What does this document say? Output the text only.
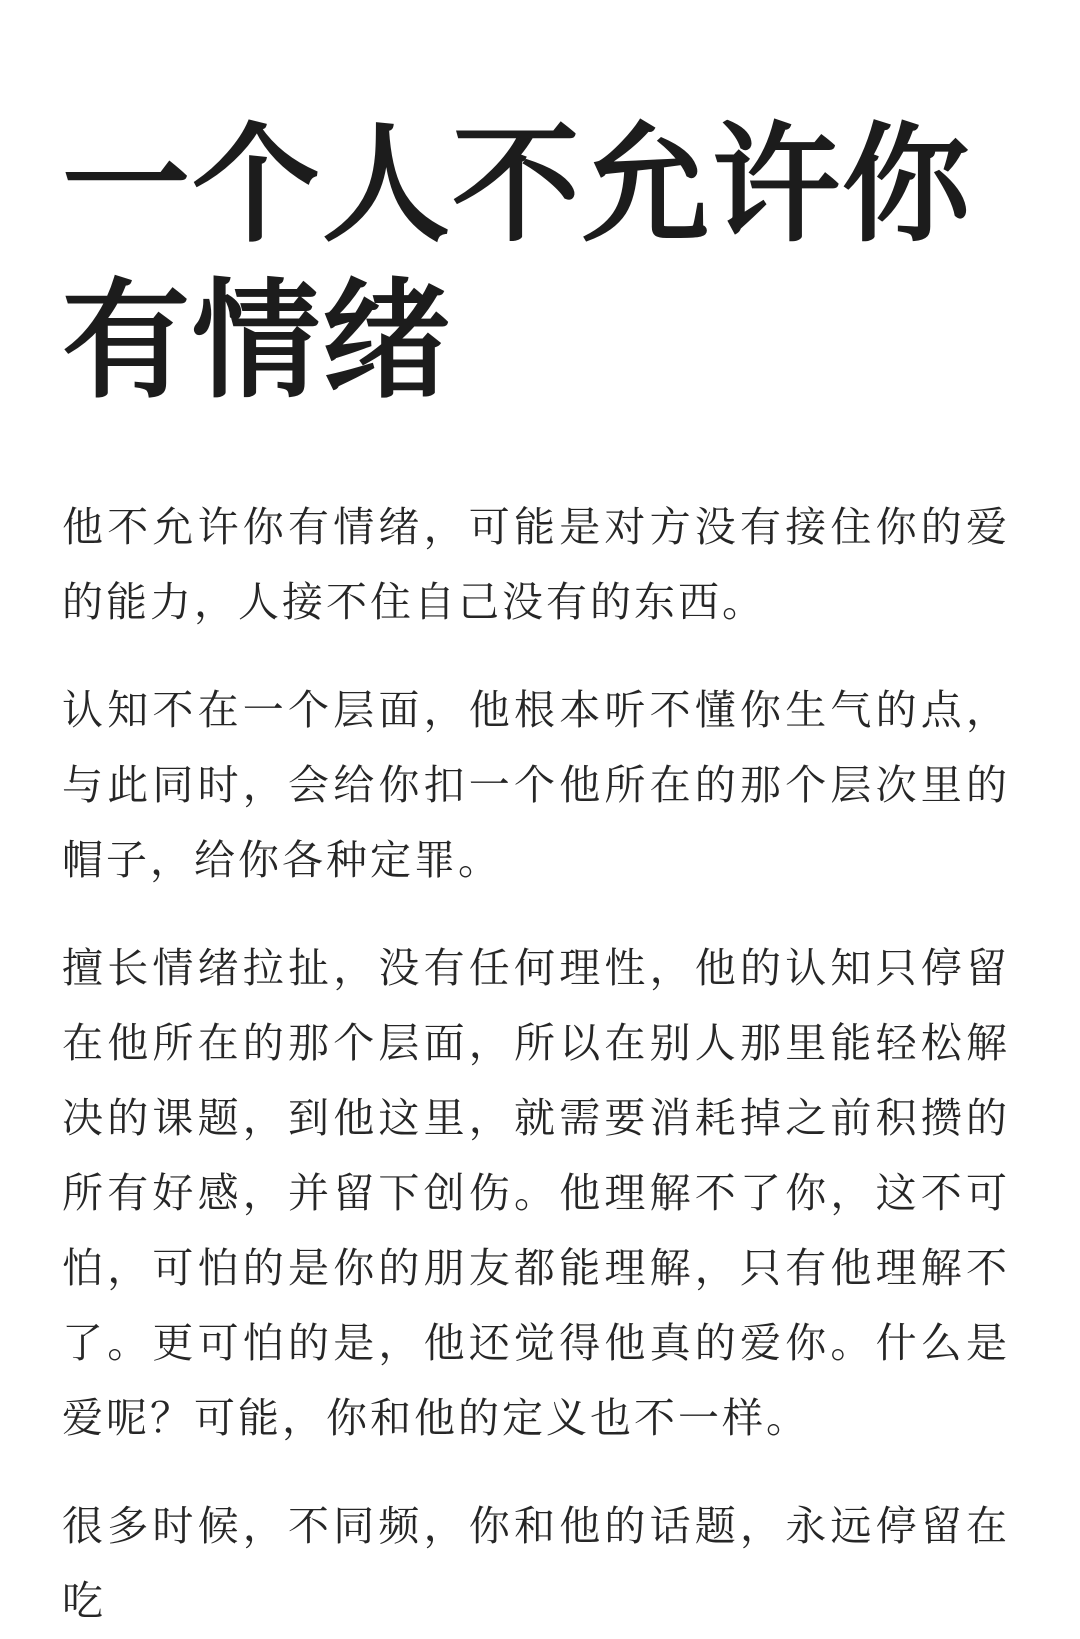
一个人不允许你有情绪

他不允许你有情绪，可能是对方没有接住你的爱的能力，人接不住自己没有的东西。

认知不在一个层面，他根本听不懂你生气的点，与此同时，会给你扣一个他所在的那个层次里的帽子，给你各种定罪。

擅长情绪拉扯，没有任何理性，他的认知只停留在他所在的那个层面，所以在别人那里能轻松解决的课题，到他这里，就需要消耗掉之前积攒的所有好感，并留下创伤。他理解不了你，这不可怕，可怕的是你的朋友都能理解，只有他理解不了。更可怕的是，他还觉得他真的爱你。什么是爱呢？可能，你和他的定义也不一样。

很多时候，不同频，你和他的话题，永远停留在吃
